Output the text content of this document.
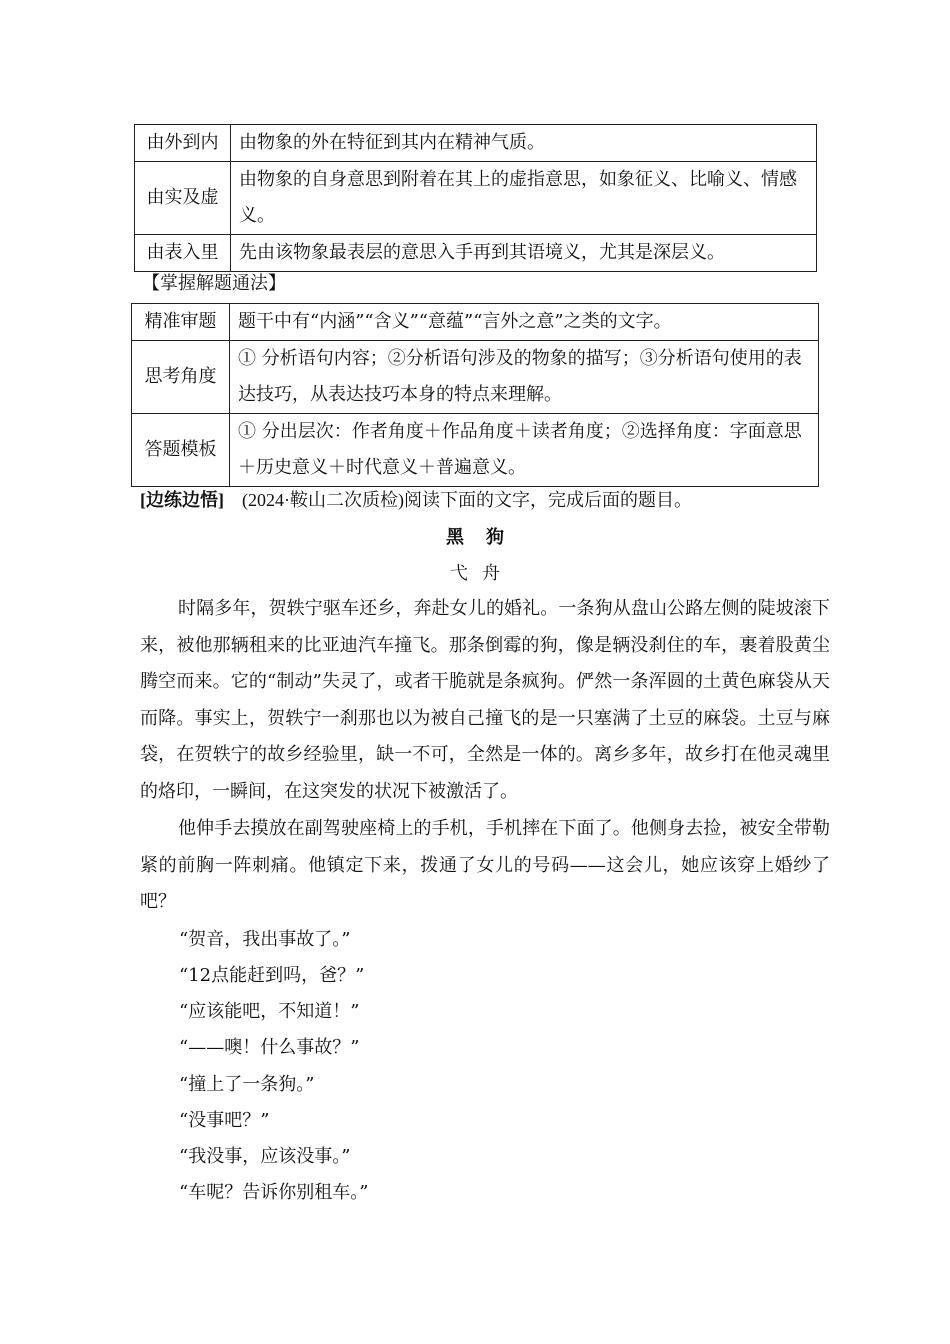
由外到内	由物象的外在特征到其内在精神气质。
由实及虚	由物象的自身意思到附着在其上的虚指意思，如象征义、比喻义、情感义。
由表入里	先由该物象最表层的意思入手再到其语境义，尤其是深层义。
【掌握解题通法】
精准审题	题干中有“内涵”“含义”“意蕴”“言外之意”之类的文字。
思考角度	① 分析语句内容；②分析语句涉及的物象的描写；③分析语句使用的表达技巧，从表达技巧本身的特点来理解。
答题模板	① 分出层次：作者角度＋作品角度＋读者角度；②选择角度：字面意思＋历史意义＋时代意义＋普遍意义。
[边练边悟] (2024·鞍山二次质检)阅读下面的文字，完成后面的题目。
黑狗
弋舟
时隔多年，贺轶宁驱车还乡，奔赴女儿的婚礼。一条狗从盘山公路左侧的陡坡滚下来，被他那辆租来的比亚迪汽车撞飞。那条倒霉的狗，像是辆没刹住的车，裹着股黄尘腾空而来。它的“制动”失灵了，或者干脆就是条疯狗。俨然一条浑圆的土黄色麻袋从天而降。事实上，贺轶宁一刹那也以为被自己撞飞的是一只塞满了土豆的麻袋。土豆与麻袋，在贺轶宁的故乡经验里，缺一不可，全然是一体的。离乡多年，故乡打在他灵魂里的烙印，一瞬间，在这突发的状况下被激活了。
他伸手去摸放在副驾驶座椅上的手机，手机摔在下面了。他侧身去捡，被安全带勒紧的前胸一阵刺痛。他镇定下来，拨通了女儿的号码——这会儿，她应该穿上婚纱了吧？
“贺音，我出事故了。”
“12点能赶到吗，爸？”
“应该能吧，不知道！”
“——噢！什么事故？”
“撞上了一条狗。”
“没事吧？”
“我没事，应该没事。”
“车呢？告诉你别租车。”
